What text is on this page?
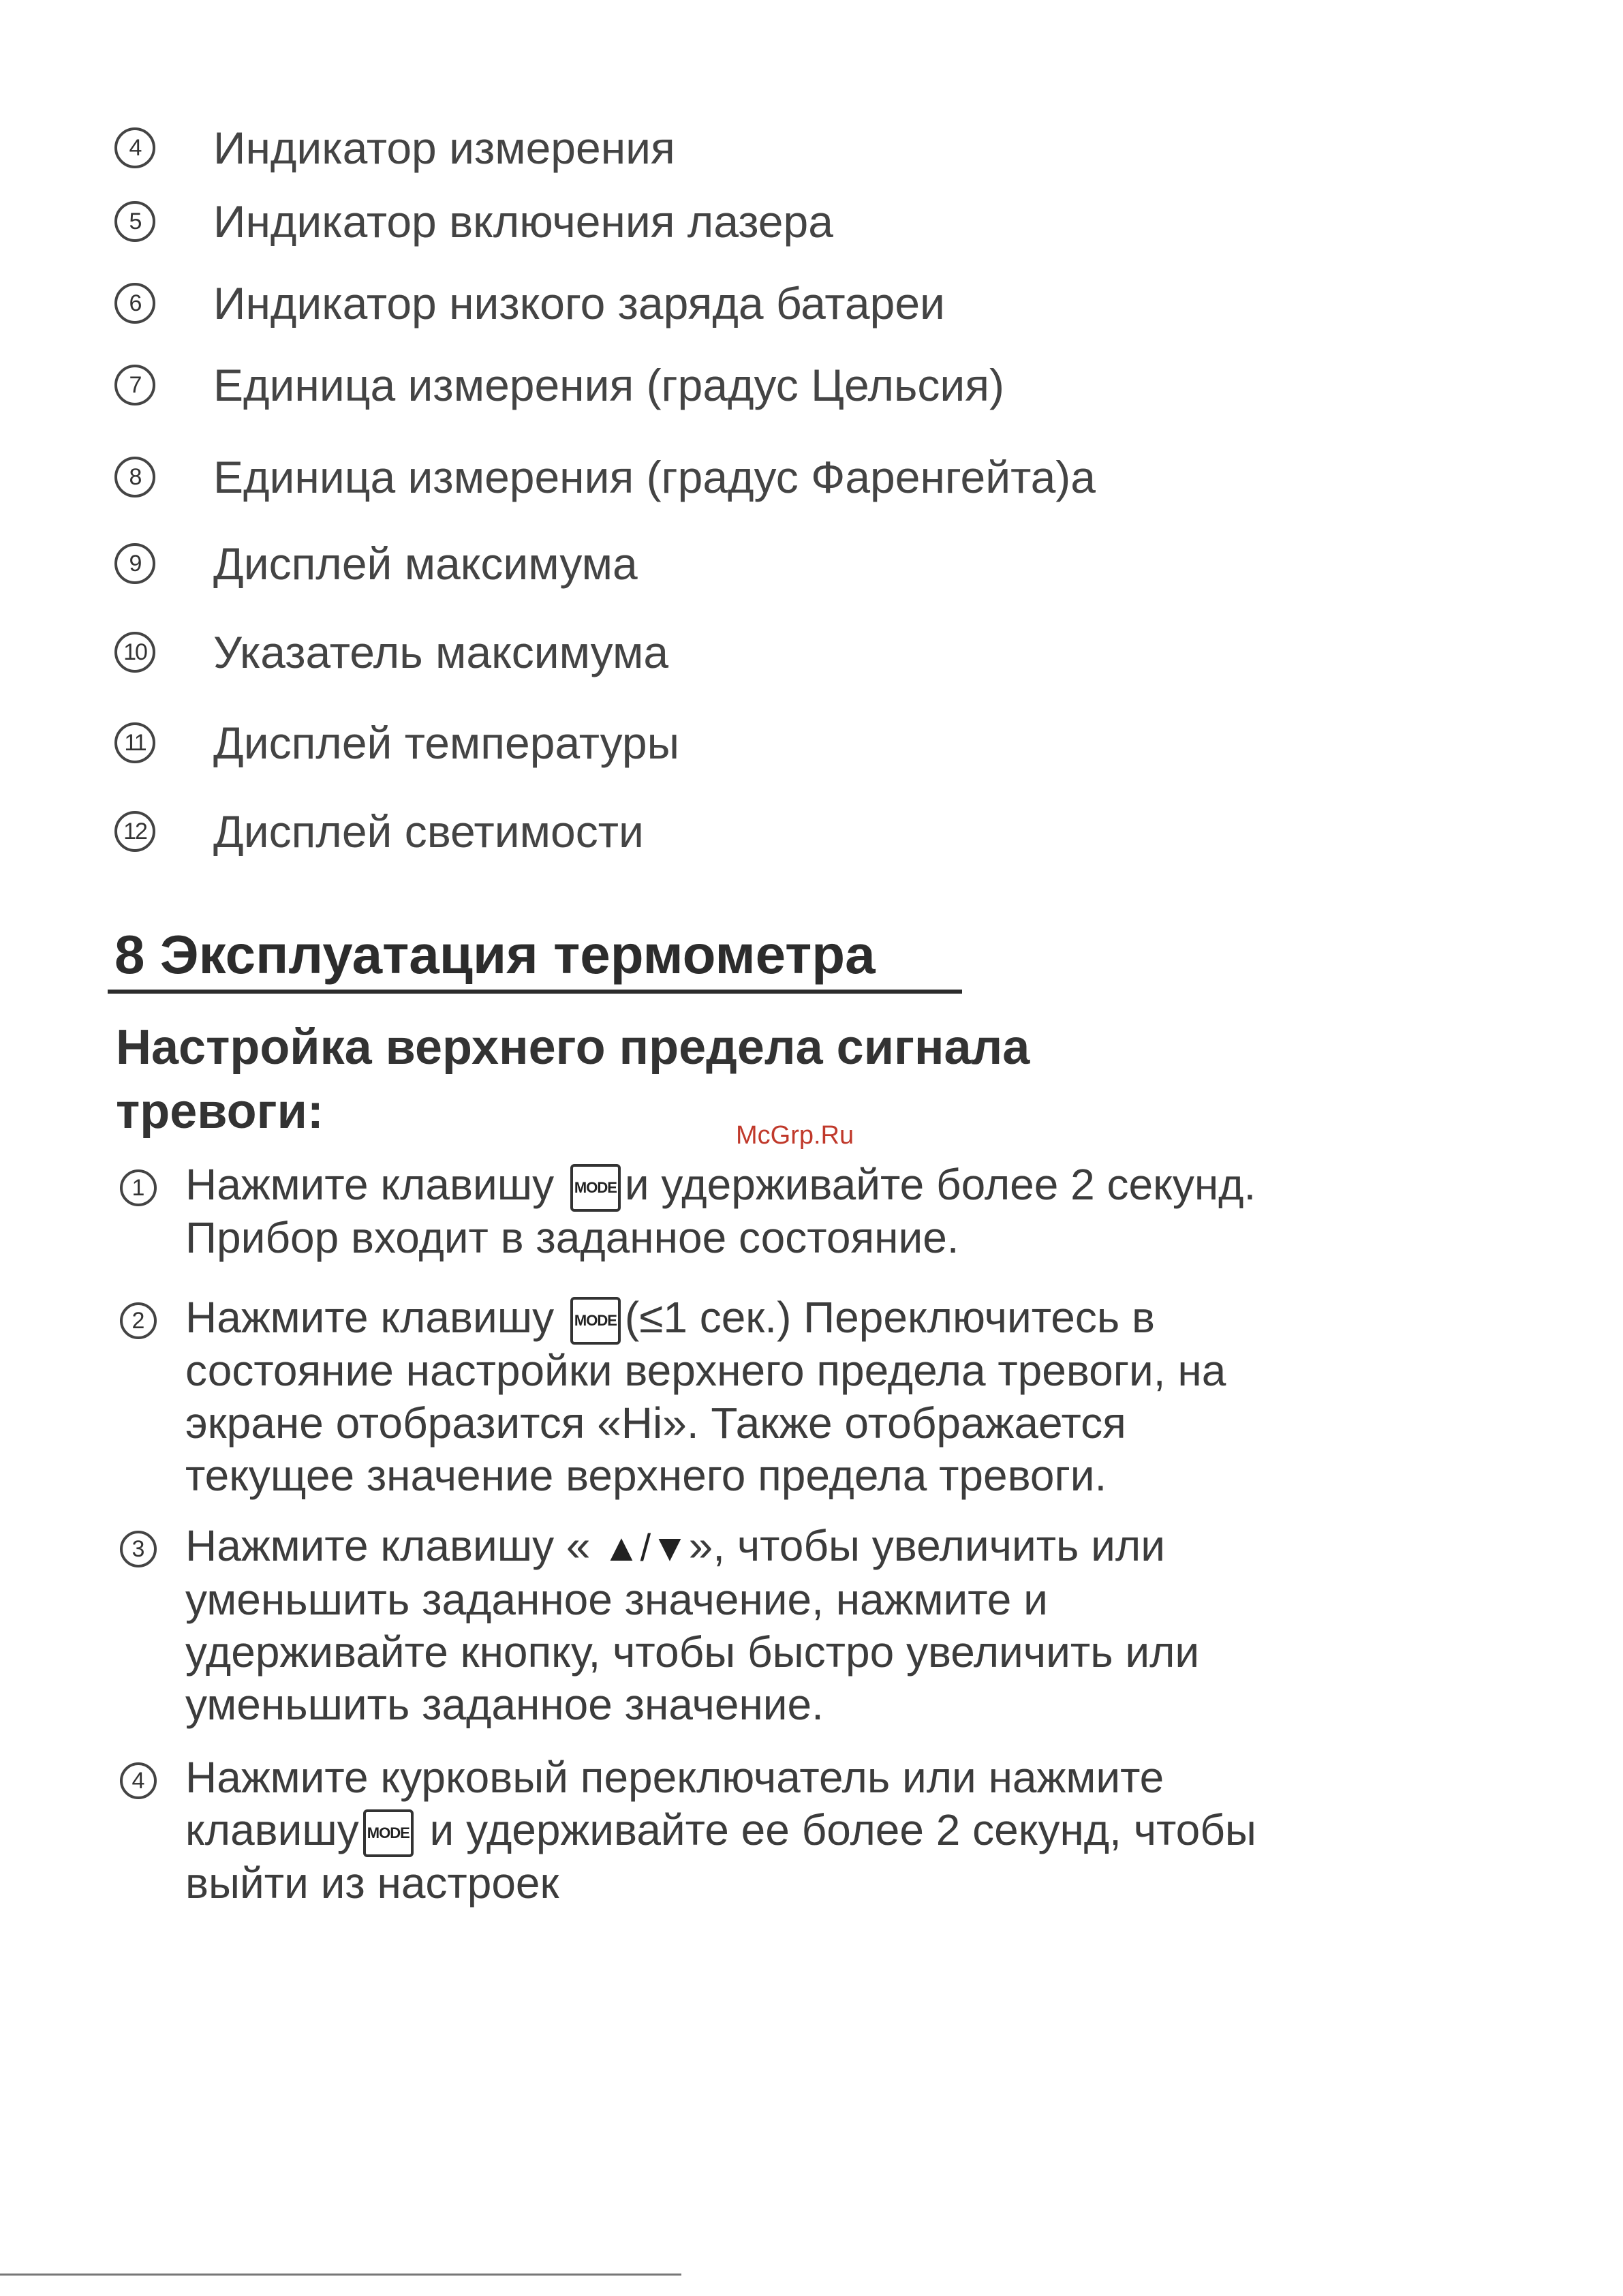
4	Индикатор измерения
5	Индикатор включения лазера
6	Индикатор низкого заряда батареи
7	Единица измерения (градус Цельсия)
8	Единица измерения (градус Фаренгейта)а
9	Дисплей максимума
10 Указатель максимума
11 Дисплей температуры
12 Дисплей светимости
8 Эксплуатация термометра
Настройка верхнего предела сигнала
тревоги:	McGrp.Ru
1 Нажмите клавишу MODE и удерживайте более 2 секунд.
Прибор входит в заданное состояние.
2 Нажмите клавишу MODE (≤1 сек.) Переключитесь в
состояние настройки верхнего предела тревоги, на
экране отобразится «Hi». Также отображается
текущее значение верхнего предела тревоги.
3 Нажмите клавишу « ▲/▼», чтобы увеличить или
уменьшить заданное значение, нажмите и
удерживайте кнопку, чтобы быстро увеличить или
уменьшить заданное значение.
4 Нажмите курковый переключатель или нажмите
клавишу MODE и удерживайте ее более 2 секунд, чтобы
выйти из настроек
